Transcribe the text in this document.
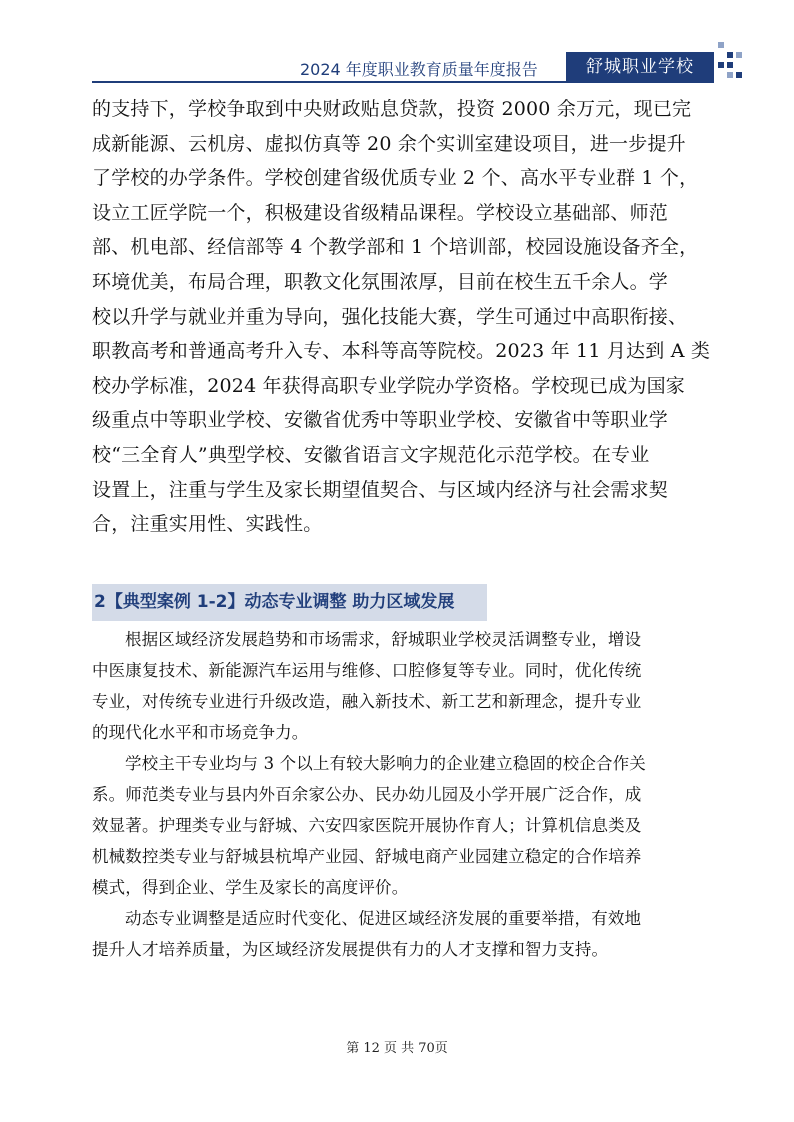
2024 年度职业教育质量年度报告	舒城职业学校

的支持下，学校争取到中央财政贴息贷款，投资 2000 余万元，现已完
成新能源、云机房、虚拟仿真等 20 余个实训室建设项目，进一步提升
了学校的办学条件。学校创建省级优质专业 2 个、高水平专业群 1 个，
设立工匠学院一个，积极建设省级精品课程。学校设立基础部、师范
部、机电部、经信部等 4 个教学部和 1 个培训部，校园设施设备齐全，
环境优美，布局合理，职教文化氛围浓厚，目前在校生五千余人。学
校以升学与就业并重为导向，强化技能大赛，学生可通过中高职衔接、
职教高考和普通高考升入专、本科等高等院校。2023 年 11 月达到 A 类
校办学标准，2024 年获得高职专业学院办学资格。学校现已成为国家
级重点中等职业学校、安徽省优秀中等职业学校、安徽省中等职业学
校“三全育人”典型学校、安徽省语言文字规范化示范学校。在专业
设置上，注重与学生及家长期望值契合、与区域内经济与社会需求契
合，注重实用性、实践性。

2【典型案例 1-2】动态专业调整 助力区域发展

根据区域经济发展趋势和市场需求，舒城职业学校灵活调整专业，增设
中医康复技术、新能源汽车运用与维修、口腔修复等专业。同时，优化传统
专业，对传统专业进行升级改造，融入新技术、新工艺和新理念，提升专业
的现代化水平和市场竞争力。

学校主干专业均与 3 个以上有较大影响力的企业建立稳固的校企合作关
系。师范类专业与县内外百余家公办、民办幼儿园及小学开展广泛合作，成
效显著。护理类专业与舒城、六安四家医院开展协作育人；计算机信息类及
机械数控类专业与舒城县杭埠产业园、舒城电商产业园建立稳定的合作培养
模式，得到企业、学生及家长的高度评价。

动态专业调整是适应时代变化、促进区域经济发展的重要举措，有效地
提升人才培养质量，为区域经济发展提供有力的人才支撑和智力支持。

第 12 页 共 70页
